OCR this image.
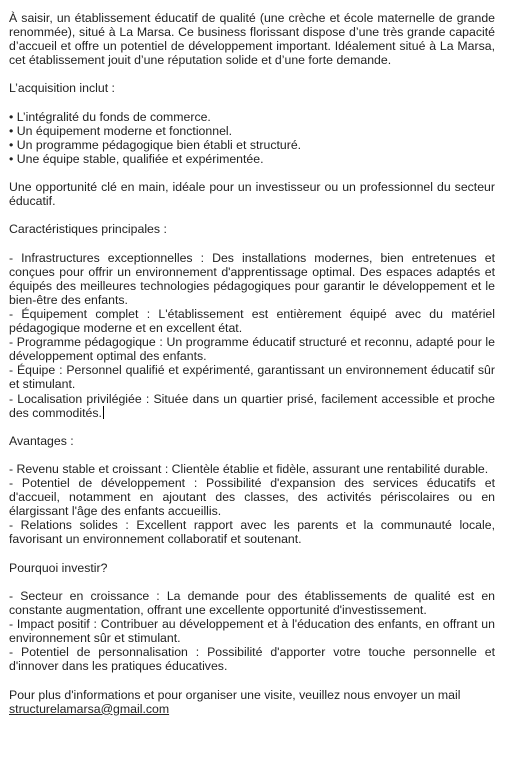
À saisir, un établissement éducatif de qualité (une crèche et école maternelle de grande renommée), situé à La Marsa. Ce business florissant dispose d’une très grande capacité d’accueil et offre un potentiel de développement important. Idéalement situé à La Marsa, cet établissement jouit d’une réputation solide et d’une forte demande.

L’acquisition inclut :

• L’intégralité du fonds de commerce.

• Un équipement moderne et fonctionnel.

• Un programme pédagogique bien établi et structuré.

• Une équipe stable, qualifiée et expérimentée.

Une opportunité clé en main, idéale pour un investisseur ou un professionnel du secteur éducatif.

Caractéristiques principales :

- Infrastructures exceptionnelles : Des installations modernes, bien entretenues et conçues pour offrir un environnement d'apprentissage optimal. Des espaces adaptés et équipés des meilleures technologies pédagogiques pour garantir le développement et le bien-être des enfants.

- Équipement complet : L'établissement est entièrement équipé avec du matériel pédagogique moderne et en excellent état.

- Programme pédagogique : Un programme éducatif structuré et reconnu, adapté pour le développement optimal des enfants.

- Équipe : Personnel qualifié et expérimenté, garantissant un environnement éducatif sûr et stimulant.

- Localisation privilégiée : Située dans un quartier prisé, facilement accessible et proche des commodités.

Avantages :

- Revenu stable et croissant : Clientèle établie et fidèle, assurant une rentabilité durable.

- Potentiel de développement : Possibilité d'expansion des services éducatifs et d'accueil, notamment en ajoutant des classes, des activités périscolaires ou en élargissant l'âge des enfants accueillis.

- Relations solides : Excellent rapport avec les parents et la communauté locale, favorisant un environnement collaboratif et soutenant.

Pourquoi investir?

- Secteur en croissance : La demande pour des établissements de qualité est en constante augmentation, offrant une excellente opportunité d'investissement.

- Impact positif : Contribuer au développement et à l'éducation des enfants, en offrant un environnement sûr et stimulant.

- Potentiel de personnalisation : Possibilité d'apporter votre touche personnelle et d'innover dans les pratiques éducatives.

Pour plus d'informations et pour organiser une visite, veuillez nous envoyer un mail

structurelamarsa@gmail.com
